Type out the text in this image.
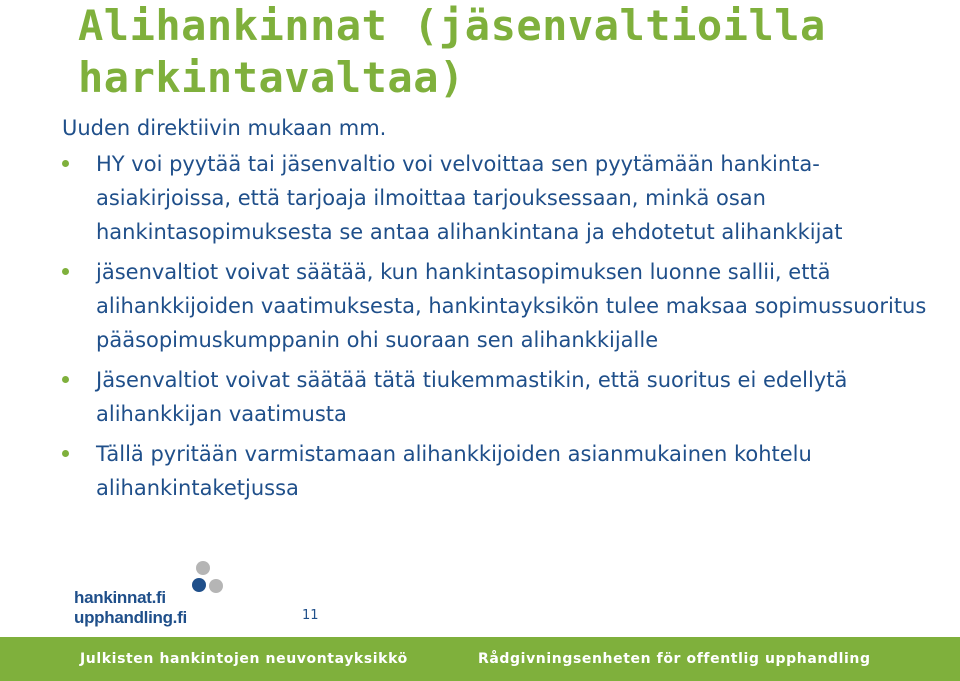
Alihankinnat (jäsenvaltioilla harkintavaltaa)
Uuden direktiivin mukaan mm.
HY voi pyytää tai jäsenvaltio voi velvoittaa sen pyytämään hankinta-asiakirjoissa, että tarjoaja ilmoittaa tarjouksessaan, minkä osan hankintasopimuksesta se antaa alihankintana ja ehdotetut alihankkijat
jäsenvaltiot voivat säätää, kun hankintasopimuksen luonne sallii, että alihankkijoiden vaatimuksesta, hankintayksikön tulee maksaa sopimussuoritus pääsopimuskumppanin ohi suoraan sen alihankkijalle
Jäsenvaltiot voivat säätää tätä tiukemmastikin, että suoritus ei edellytä alihankkijan vaatimusta
Tällä pyritään varmistamaan alihankkijoiden asianmukainen kohtelu alihankintaketjussa
hankinnat.fi
upphandling.fi	11
Julkisten hankintojen neuvontayksikkö	Rådgivningsenheten för offentlig upphandling
